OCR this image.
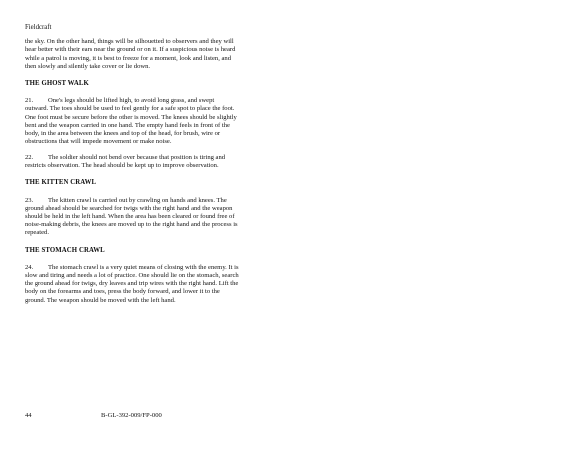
Fieldcraft

the sky. On the other hand, things will be silhouetted to observers and they will hear better with their ears near the ground or on it. If a suspicious noise is heard while a patrol is moving, it is best to freeze for a moment, look and listen, and then slowly and silently take cover or lie down.

THE GHOST WALK

21. One's legs should be lifted high, to avoid long grass, and swept outward. The toes should be used to feel gently for a safe spot to place the foot. One foot must be secure before the other is moved. The knees should be slightly bent and the weapon carried in one hand. The empty hand feels in front of the body, in the area between the knees and top of the head, for brush, wire or obstructions that will impede movement or make noise.

22. The soldier should not bend over because that position is tiring and restricts observation. The head should be kept up to improve observation.

THE KITTEN CRAWL

23. The kitten crawl is carried out by crawling on hands and knees. The ground ahead should be searched for twigs with the right hand and the weapon should be held in the left hand. When the area has been cleared or found free of noise-making debris, the knees are moved up to the right hand and the process is repeated.

THE STOMACH CRAWL

24. The stomach crawl is a very quiet means of closing with the enemy. It is slow and tiring and needs a lot of practice. One should lie on the stomach, search the ground ahead for twigs, dry leaves and trip wires with the right hand. Lift the body on the forearms and toes, press the body forward, and lower it to the ground. The weapon should be moved with the left hand.

44	B-GL-392-009/FP-000
